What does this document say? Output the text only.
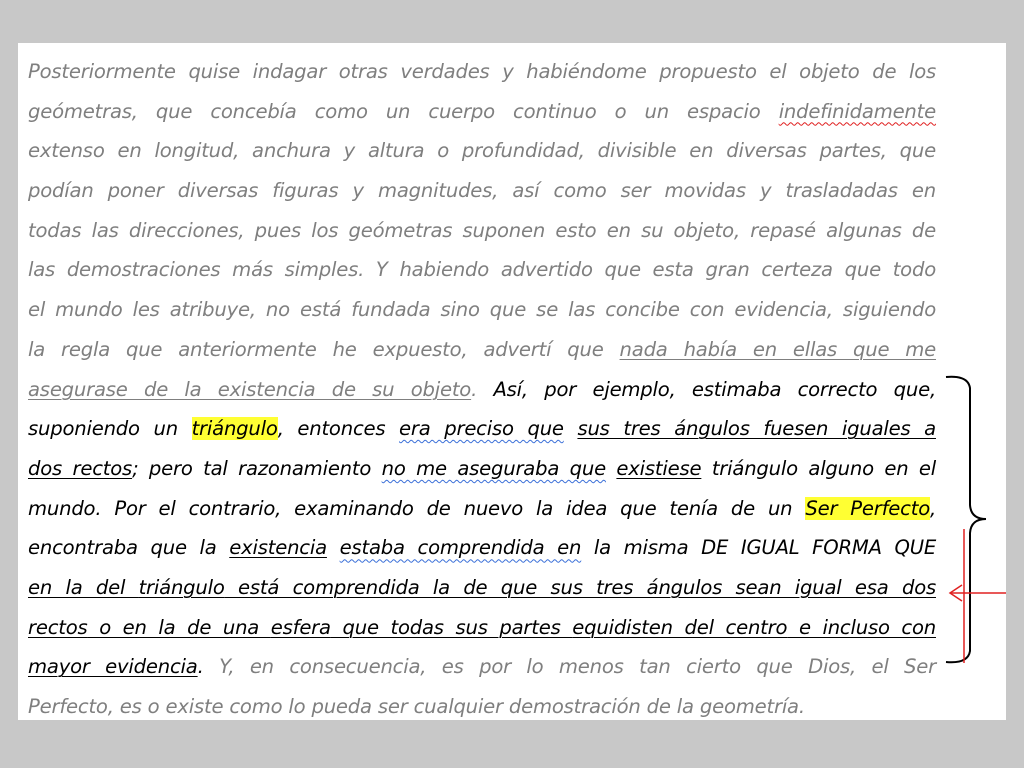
Posteriormente quise indagar otras verdades y habiéndome propuesto el objeto de los
geómetras, que concebía como un cuerpo continuo o un espacio indefinidamente
extenso en longitud, anchura y altura o profundidad, divisible en diversas partes, que
podían poner diversas figuras y magnitudes, así como ser movidas y trasladadas en
todas las direcciones, pues los geómetras suponen esto en su objeto, repasé algunas de
las demostraciones más simples. Y habiendo advertido que esta gran certeza que todo
el mundo les atribuye, no está fundada sino que se las concibe con evidencia, siguiendo
la regla que anteriormente he expuesto, advertí que nada había en ellas que me
asegurase de la existencia de su objeto. Así, por ejemplo, estimaba correcto que,
suponiendo un triángulo, entonces era preciso que sus tres ángulos fuesen iguales a
dos rectos; pero tal razonamiento no me aseguraba que existiese triángulo alguno en el
mundo. Por el contrario, examinando de nuevo la idea que tenía de un Ser Perfecto,
encontraba que la existencia estaba comprendida en la misma DE IGUAL FORMA QUE
en la del triángulo está comprendida la de que sus tres ángulos sean igual esa dos
rectos o en la de una esfera que todas sus partes equidisten del centro e incluso con
mayor evidencia. Y, en consecuencia, es por lo menos tan cierto que Dios, el Ser
Perfecto, es o existe como lo pueda ser cualquier demostración de la geometría.
